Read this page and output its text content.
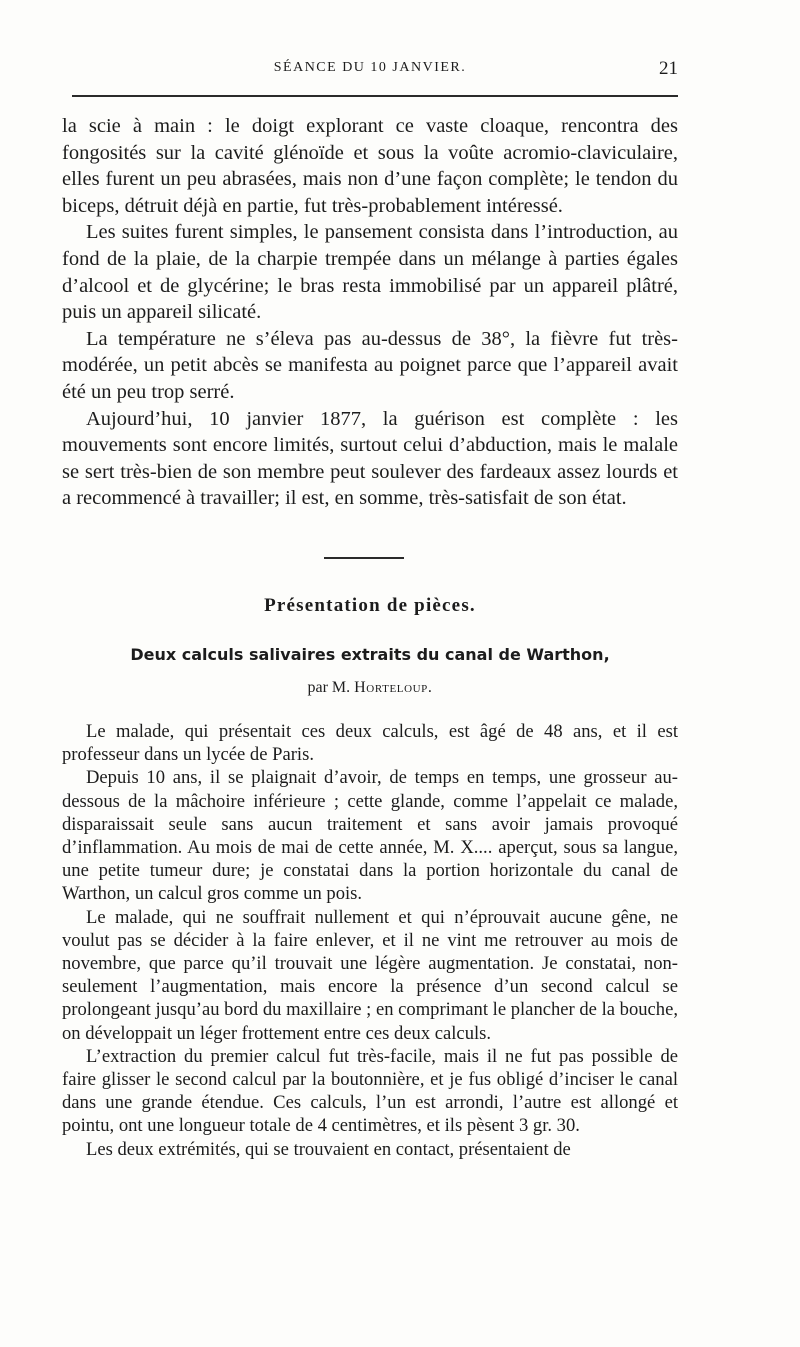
SÉANCE DU 10 JANVIER.	21

la scie à main : le doigt explorant ce vaste cloaque, rencontra des fongosités sur la cavité glénoïde et sous la voûte acromio-claviculaire, elles furent un peu abrasées, mais non d’une façon complète; le tendon du biceps, détruit déjà en partie, fut très-probablement intéressé.

Les suites furent simples, le pansement consista dans l’introduction, au fond de la plaie, de la charpie trempée dans un mélange à parties égales d’alcool et de glycérine; le bras resta immobilisé par un appareil plâtré, puis un appareil silicaté.

La température ne s’éleva pas au-dessus de 38°, la fièvre fut très-modérée, un petit abcès se manifesta au poignet parce que l’appareil avait été un peu trop serré.

Aujourd’hui, 10 janvier 1877, la guérison est complète : les mouvements sont encore limités, surtout celui d’abduction, mais le malale se sert très-bien de son membre peut soulever des fardeaux assez lourds et a recommencé à travailler; il est, en somme, très-satisfait de son état.

Présentation de pièces.
Deux calculs salivaires extraits du canal de Warthon,
par M. Horteloup.

Le malade, qui présentait ces deux calculs, est âgé de 48 ans, et il est professeur dans un lycée de Paris.

Depuis 10 ans, il se plaignait d’avoir, de temps en temps, une grosseur au-dessous de la mâchoire inférieure ; cette glande, comme l’appelait ce malade, disparaissait seule sans aucun traitement et sans avoir jamais provoqué d’inflammation. Au mois de mai de cette année, M. X.... aperçut, sous sa langue, une petite tumeur dure; je constatai dans la portion horizontale du canal de Warthon, un calcul gros comme un pois.

Le malade, qui ne souffrait nullement et qui n’éprouvait aucune gêne, ne voulut pas se décider à la faire enlever, et il ne vint me retrouver au mois de novembre, que parce qu’il trouvait une légère augmentation. Je constatai, non-seulement l’augmentation, mais encore la présence d’un second calcul se prolongeant jusqu’au bord du maxillaire ; en comprimant le plancher de la bouche, on développait un léger frottement entre ces deux calculs.

L’extraction du premier calcul fut très-facile, mais il ne fut pas possible de faire glisser le second calcul par la boutonnière, et je fus obligé d’inciser le canal dans une grande étendue. Ces calculs, l’un est arrondi, l’autre est allongé et pointu, ont une longueur totale de 4 centimètres, et ils pèsent 3 gr. 30.

Les deux extrémités, qui se trouvaient en contact, présentaient de
